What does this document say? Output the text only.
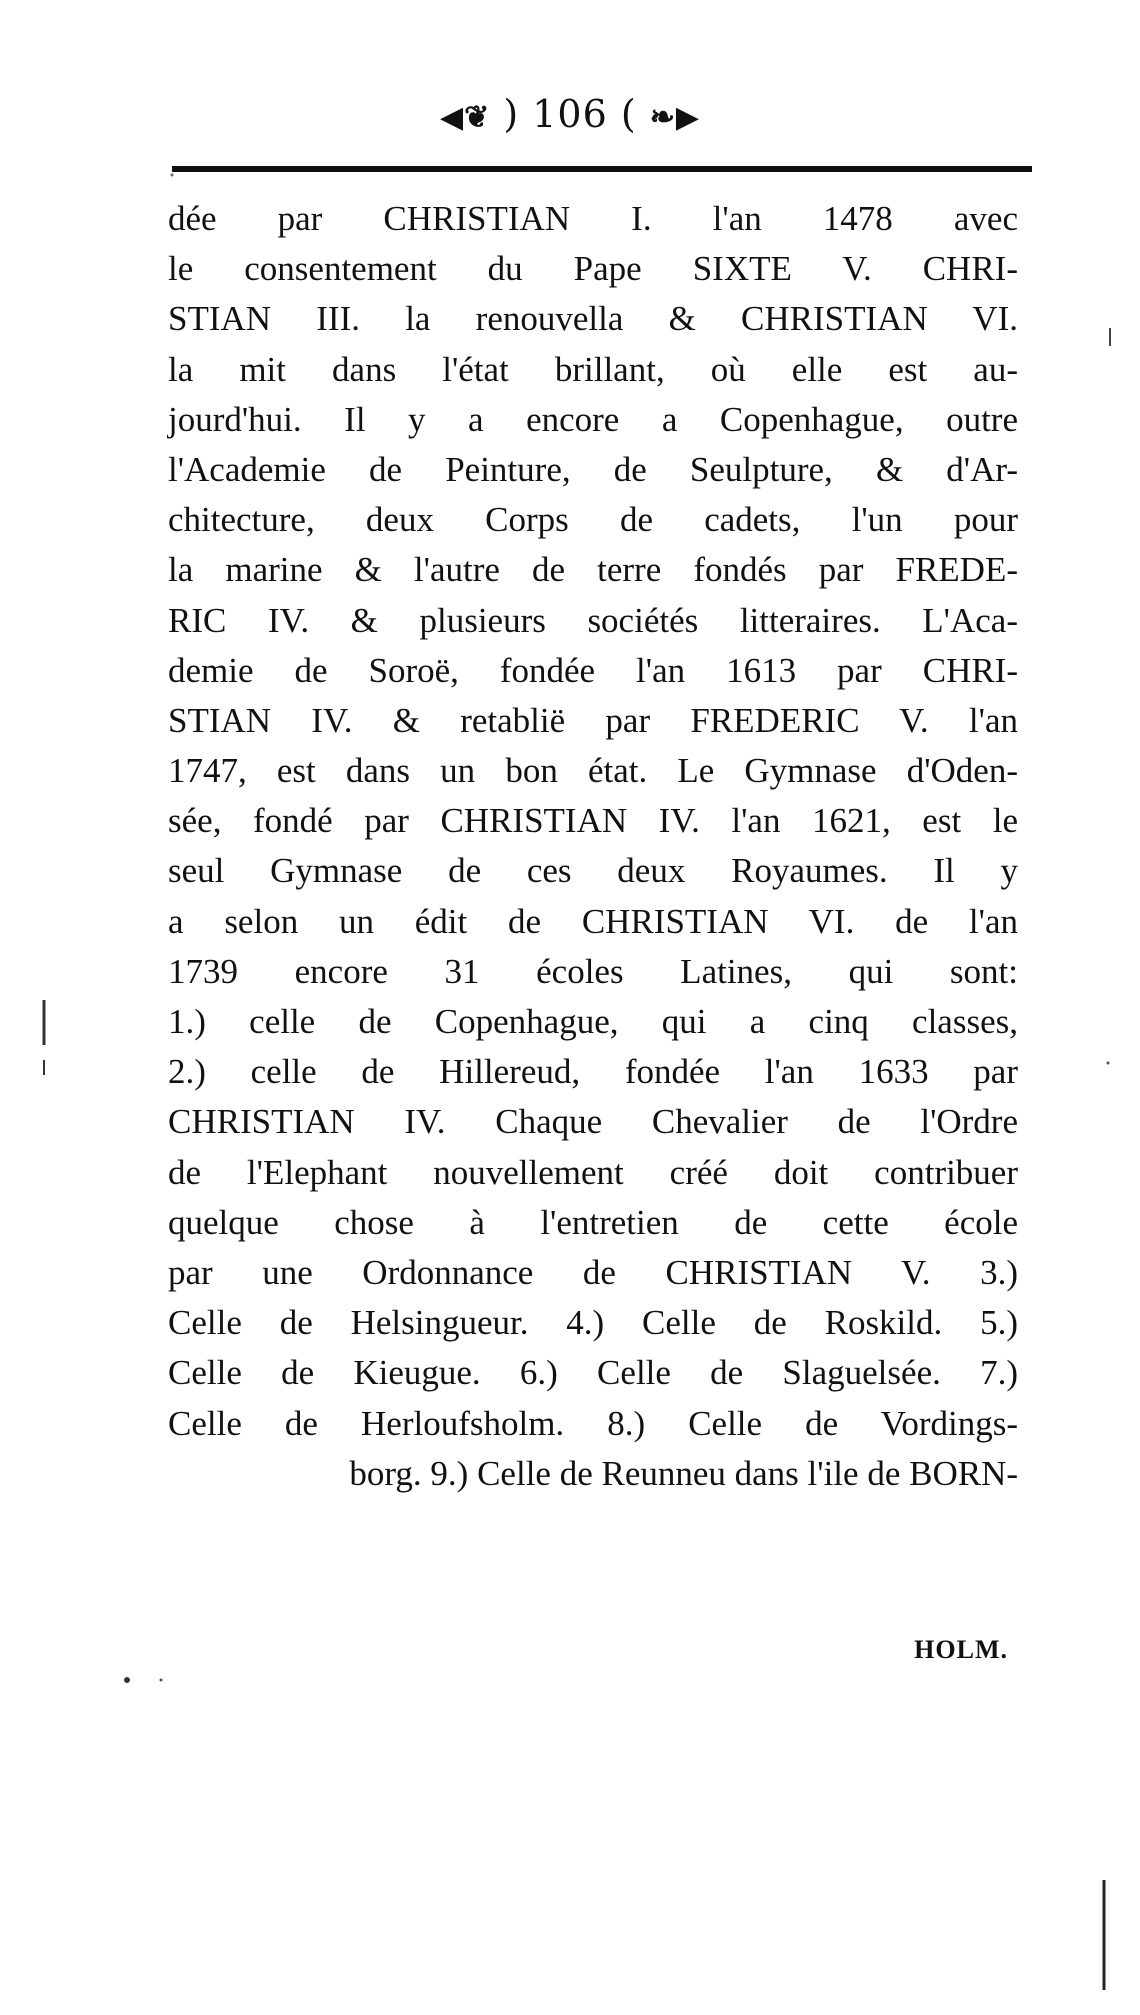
◀❦ ) 106 ( ❧▶
dée par CHRISTIAN I. l'an 1478 avec
le consentement du Pape SIXTE V. CHRI-
STIAN III. la renouvella & CHRISTIAN VI.
la mit dans l'état brillant, où elle est au-
jourd'hui. Il y a encore a Copenhague, outre
l'Academie de Peinture, de Seulpture, & d'Ar-
chitecture, deux Corps de cadets, l'un pour
la marine & l'autre de terre fondés par FREDE-
RIC IV. & plusieurs sociétés litteraires. L'Aca-
demie de Soroë, fondée l'an 1613 par CHRI-
STIAN IV. & retablië par FREDERIC V. l'an
1747, est dans un bon état. Le Gymnase d'Oden-
sée, fondé par CHRISTIAN IV. l'an 1621, est le
seul Gymnase de ces deux Royaumes. Il y
a selon un édit de CHRISTIAN VI. de l'an
1739 encore 31 écoles Latines, qui sont:
1.) celle de Copenhague, qui a cinq classes,
2.) celle de Hillereud, fondée l'an 1633 par
CHRISTIAN IV. Chaque Chevalier de l'Ordre
de l'Elephant nouvellement créé doit contribuer
quelque chose à l'entretien de cette école
par une Ordonnance de CHRISTIAN V. 3.)
Celle de Helsingueur. 4.) Celle de Roskild. 5.)
Celle de Kieugue. 6.) Celle de Slaguelsée. 7.)
Celle de Herloufsholm. 8.) Celle de Vordings-
borg. 9.) Celle de Reunneu dans l'ile de BORN-
HOLM.
